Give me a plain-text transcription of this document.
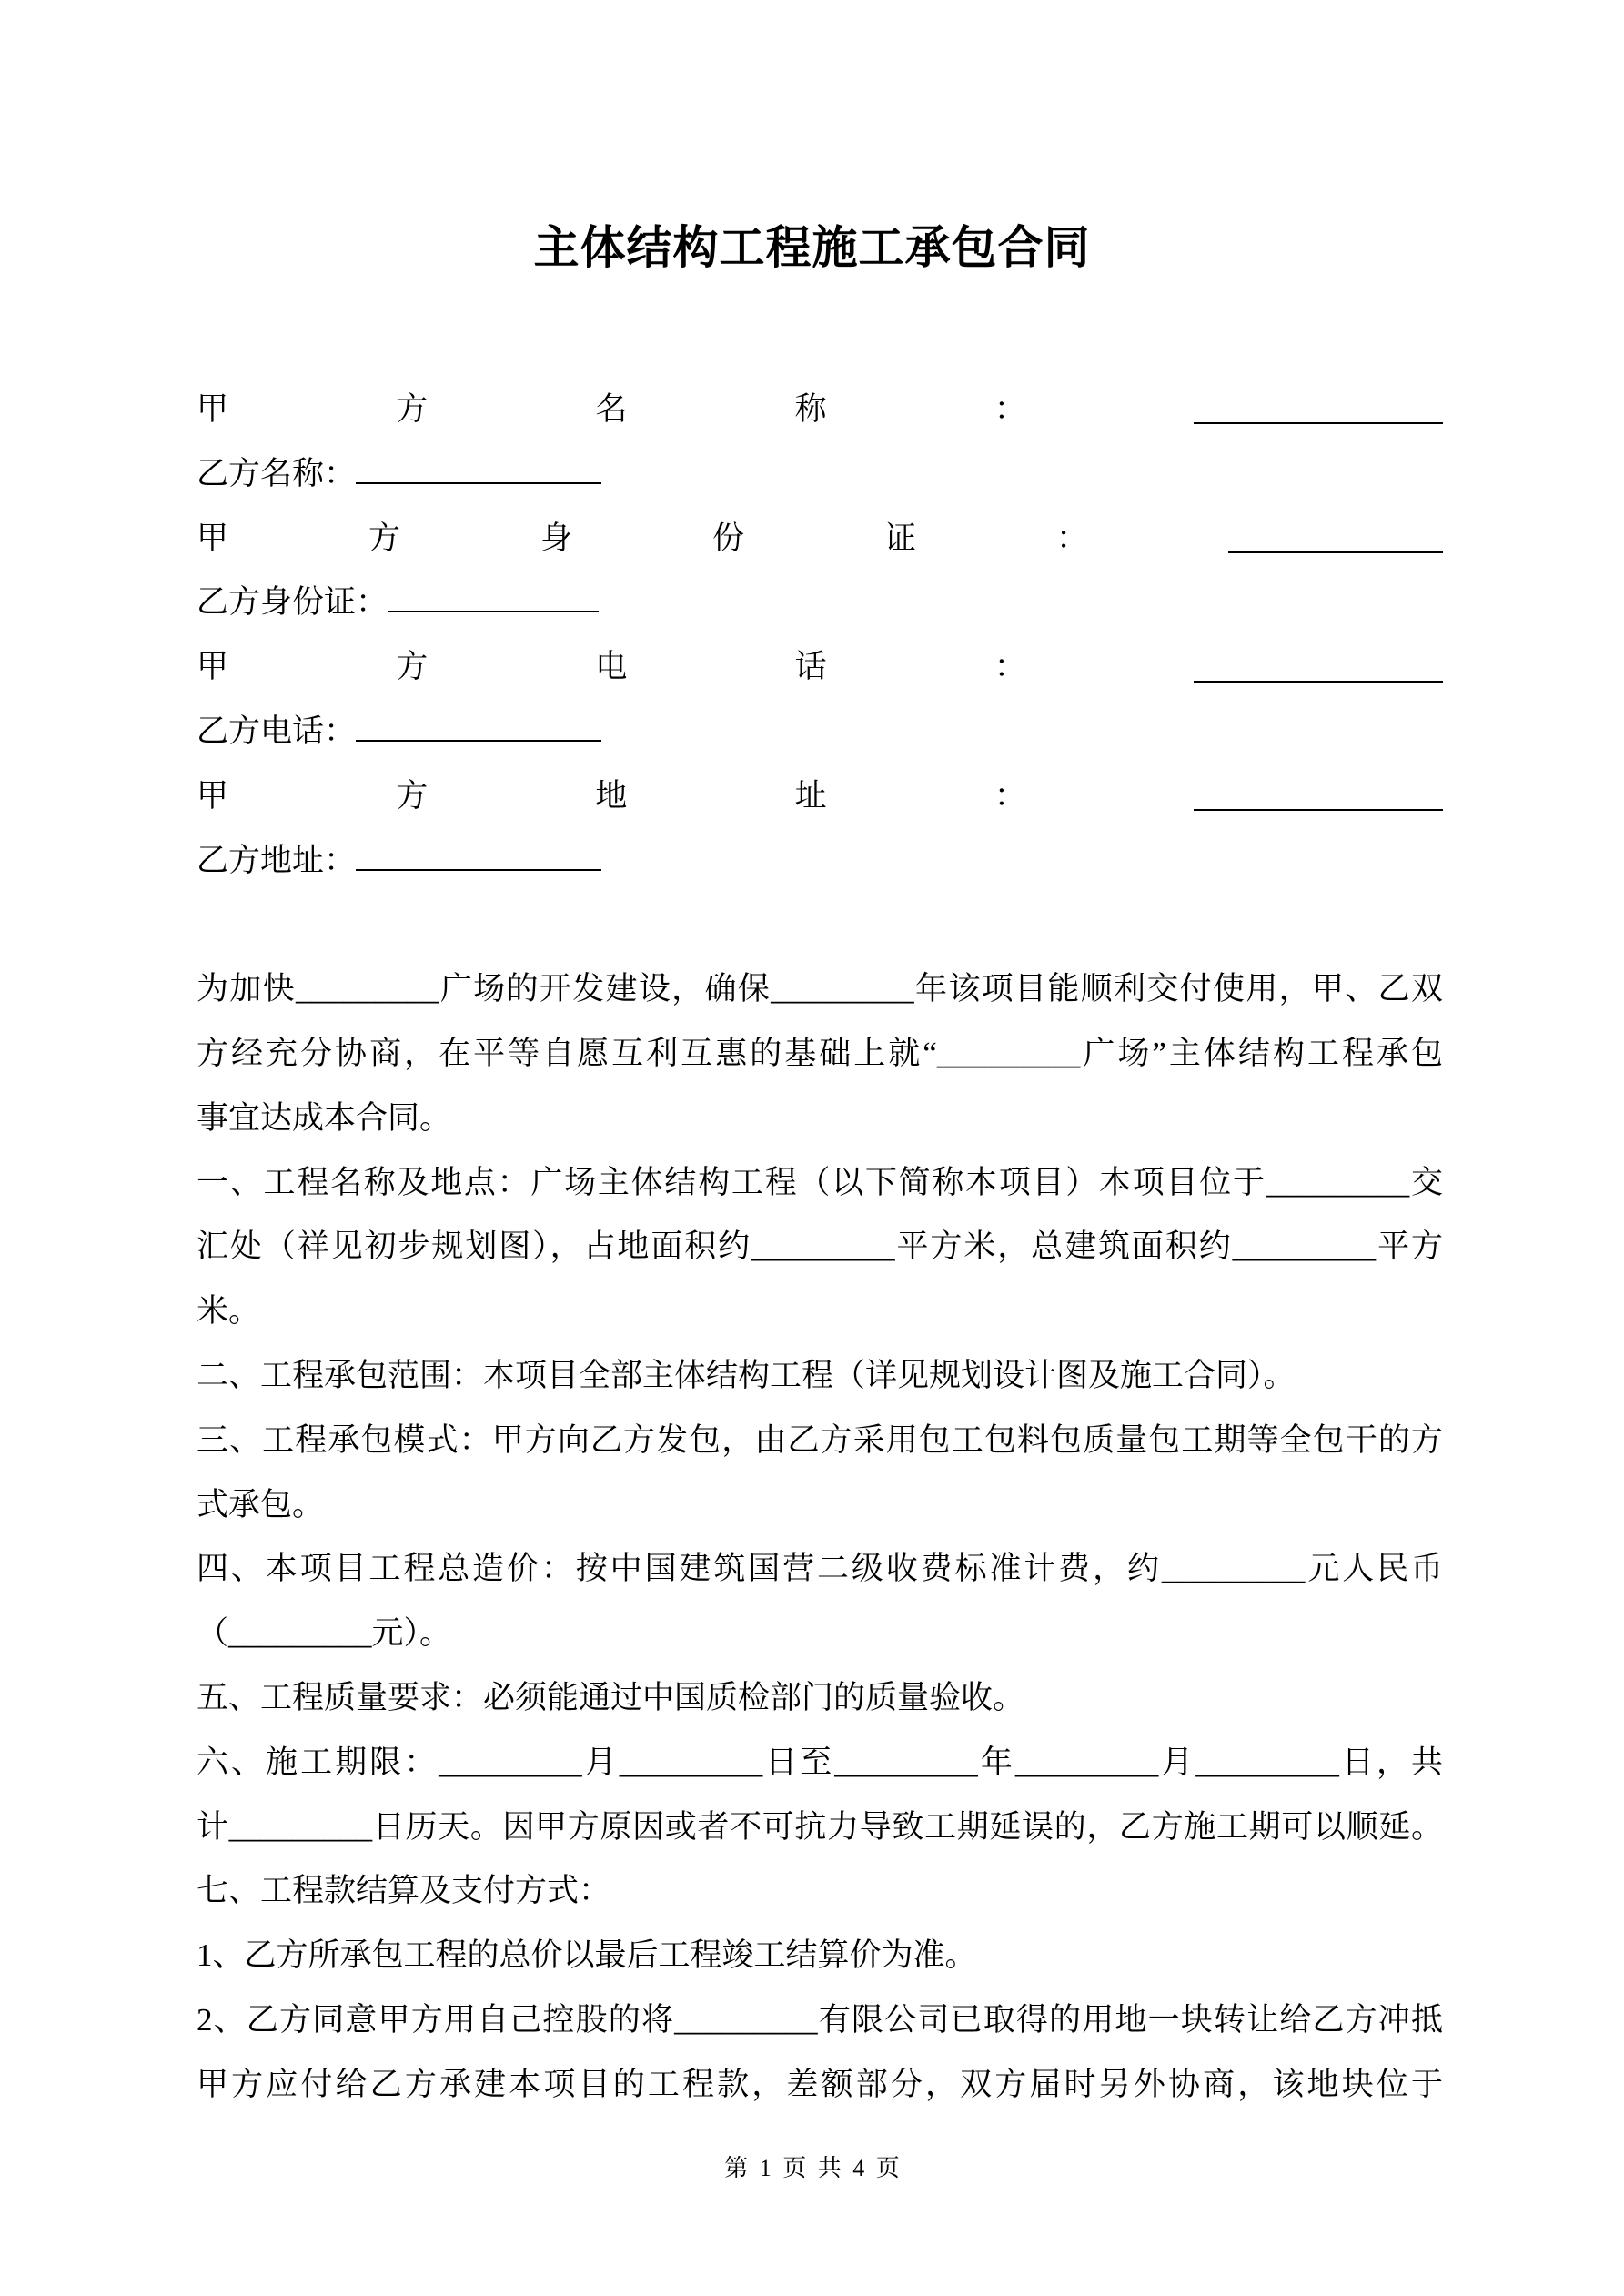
主体结构工程施工承包合同
甲	方	名	称	：
乙方名称：
甲	方	身	份	证	：
乙方身份证：
甲	方	电	话	：
乙方电话：
甲	方	地	址	：
乙方地址：
为加快_________广场的开发建设，确保_________年该项目能顺利交付使用，甲、乙双
方经充分协商，在平等自愿互利互惠的基础上就“_________广场”主体结构工程承包
事宜达成本合同。
一、工程名称及地点：广场主体结构工程（以下简称本项目）本项目位于_________交
汇处（祥见初步规划图），占地面积约_________平方米，总建筑面积约_________平方
米。
二、工程承包范围：本项目全部主体结构工程（详见规划设计图及施工合同）。
三、工程承包模式：甲方向乙方发包，由乙方采用包工包料包质量包工期等全包干的方
式承包。
四、本项目工程总造价：按中国建筑国营二级收费标准计费，约_________元人民币
（_________元）。
五、工程质量要求：必须能通过中国质检部门的质量验收。
六、施工期限：_________月_________日至_________年_________月_________日，共
计_________日历天。因甲方原因或者不可抗力导致工期延误的，乙方施工期可以顺延。
七、工程款结算及支付方式：
1、乙方所承包工程的总价以最后工程竣工结算价为准。
2、乙方同意甲方用自己控股的将_________有限公司已取得的用地一块转让给乙方冲抵
甲方应付给乙方承建本项目的工程款，差额部分，双方届时另外协商，该地块位于
第 1 页 共 4 页
